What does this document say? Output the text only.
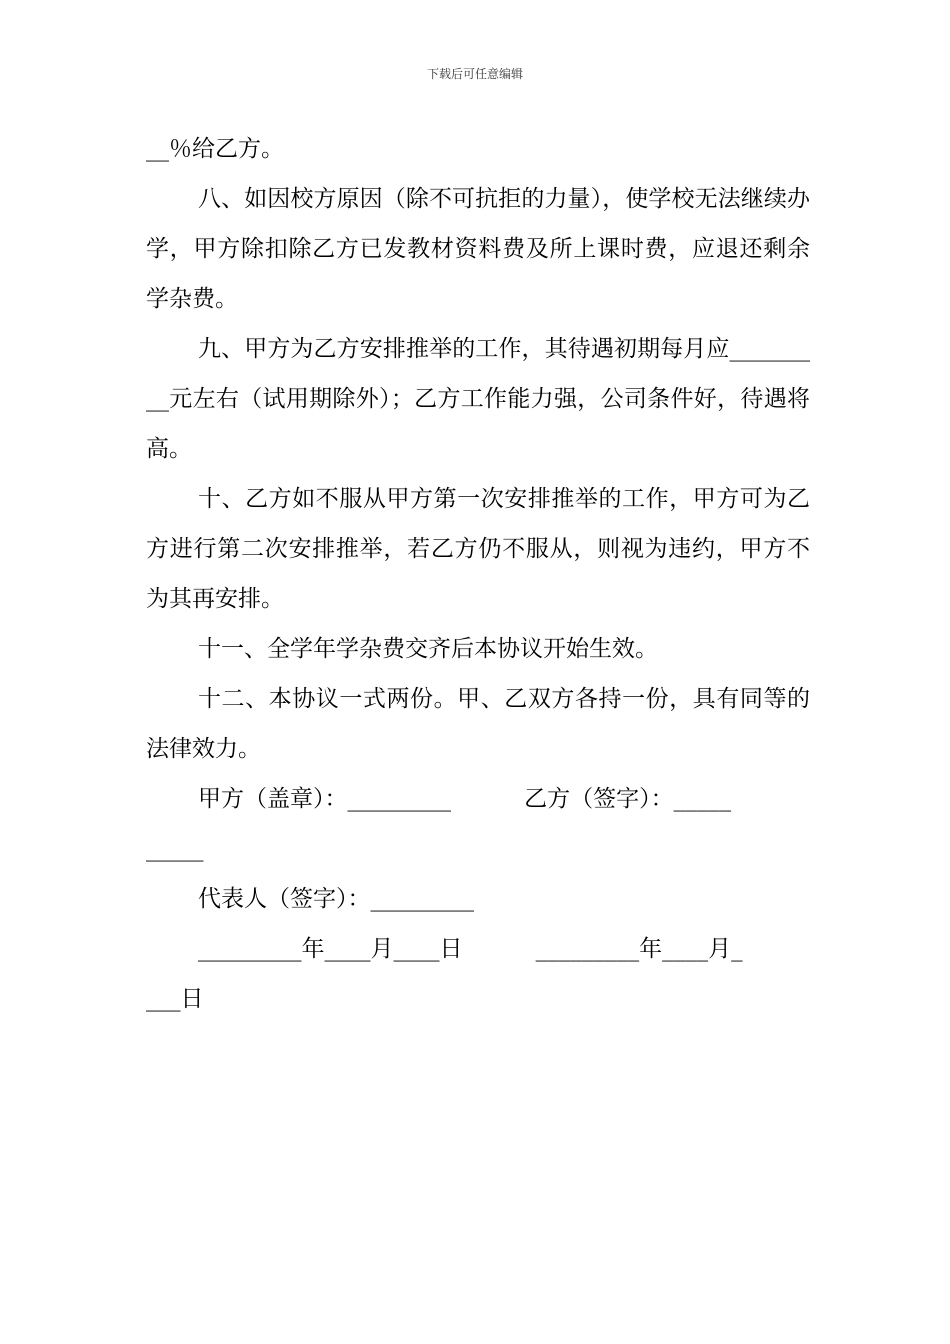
下载后可任意编辑

__％给乙方。

八、如因校方原因（除不可抗拒的力量），使学校无法继续办学，甲方除扣除乙方已发教材资料费及所上课时费，应退还剩余学杂费。

九、甲方为乙方安排推举的工作，其待遇初期每月应_________元左右（试用期除外）；乙方工作能力强，公司条件好，待遇将高。

十、乙方如不服从甲方第一次安排推举的工作，甲方可为乙方进行第二次安排推举，若乙方仍不服从，则视为违约，甲方不为其再安排。

十一、全学年学杂费交齐后本协议开始生效。

十二、本协议一式两份。甲、乙双方各持一份，具有同等的法律效力。

甲方（盖章）：_________          乙方（签字）：_____
_____
代表人（签字）：_________
_________年____月____日          _________年____月_
___日
